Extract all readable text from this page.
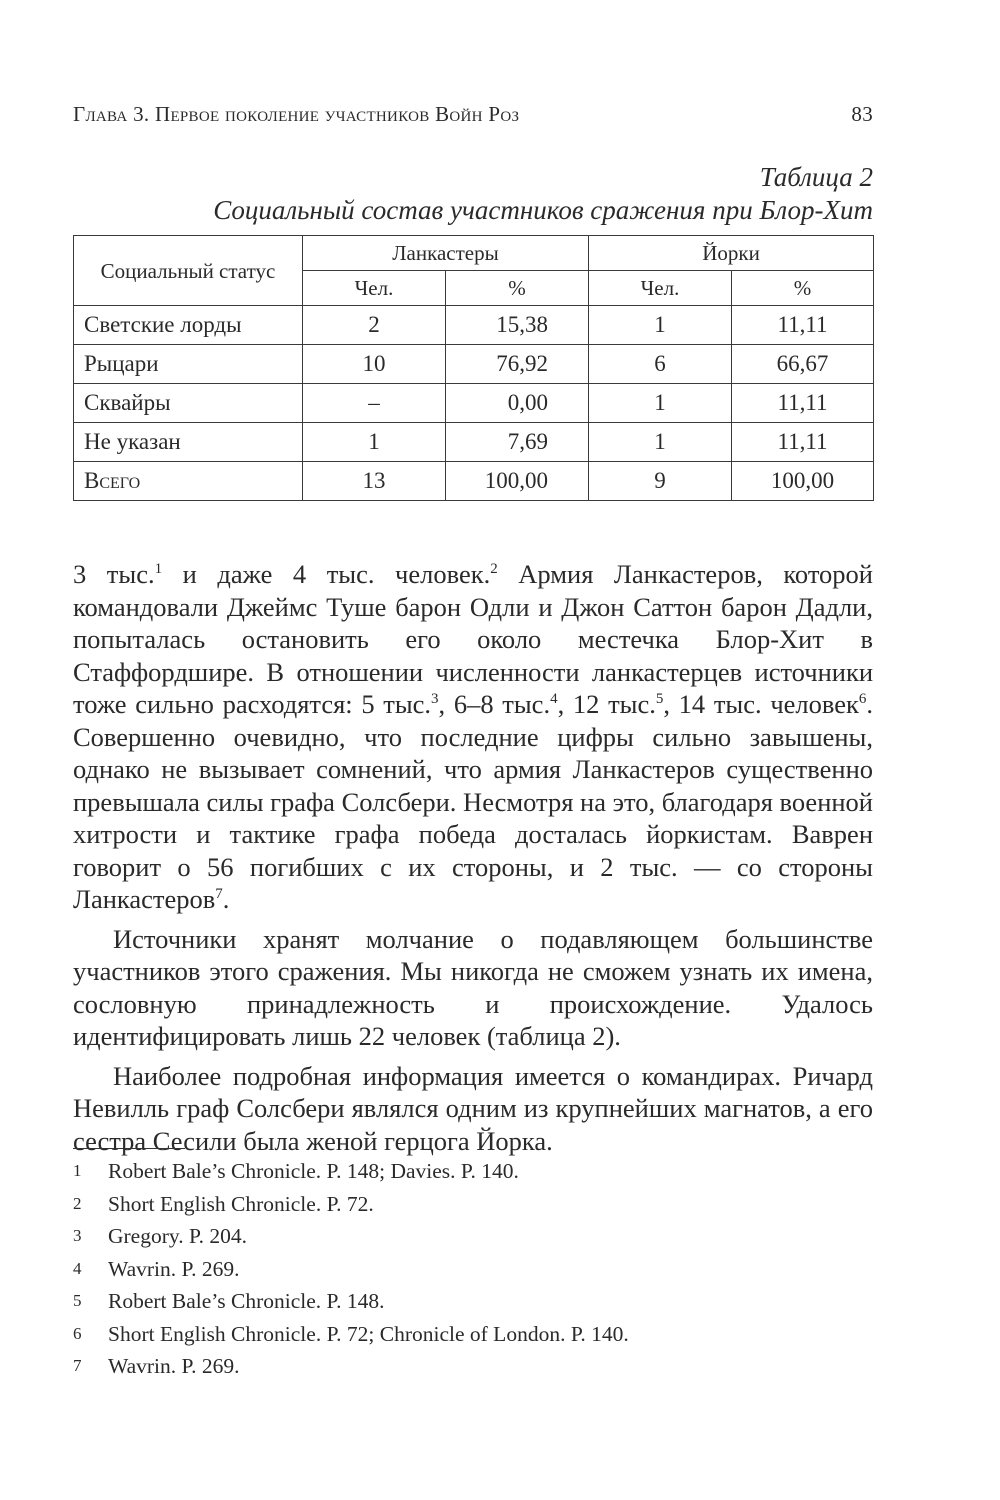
Глава 3. Первое поколение участников Войн Роз	83
Таблица 2
Социальный состав участников сражения при Блор-Хит
Социальный статус	Ланкастеры		Йорки	
	Чел.	%	Чел.	%
Светские лорды	2	15,38	1	11,11
Рыцари	10	76,92	6	66,67
Сквайры	–	0,00	1	11,11
Не указан	1	7,69	1	11,11
Всего	13	100,00	9	100,00

3 тыс.$^1$ и даже 4 тыс. человек.$^2$ Армия Ланкастеров, которой командовали Джеймс Туше барон Одли и Джон Саттон барон Дадли, попыталась остановить его около местечка Блор-Хит в Стаффордшире. В отношении численности ланкастерцев источники тоже сильно расходятся: 5 тыс.$^3$, 6–8 тыс.$^4$, 12 тыс.$^5$, 14 тыс. человек$^6$. Совершенно очевидно, что последние цифры сильно завышены, однако не вызывает сомнений, что армия Ланкастеров существенно превышала силы графа Солсбери. Несмотря на это, благодаря военной хитрости и тактике графа победа досталась йоркистам. Ваврен говорит о 56 погибших с их стороны, и 2 тыс. — со стороны Ланкастеров$^7$.

Источники хранят молчание о подавляющем большинстве участников этого сражения. Мы никогда не сможем узнать их имена, сословную принадлежность и происхождение. Удалось идентифицировать лишь 22 человек (таблица 2).

Наиболее подробная информация имеется о командирах. Ричард Невилль граф Солсбери являлся одним из крупнейших магнатов, а его сестра Сесили была женой герцога Йорка.

1 Robert Bale’s Chronicle. P. 148; Davies. P. 140.
2 Short English Chronicle. P. 72.
3 Gregory. P. 204.
4 Wavrin. P. 269.
5 Robert Bale’s Chronicle. P. 148.
6 Short English Chronicle. P. 72; Chronicle of London. P. 140.
7 Wavrin. P. 269.
